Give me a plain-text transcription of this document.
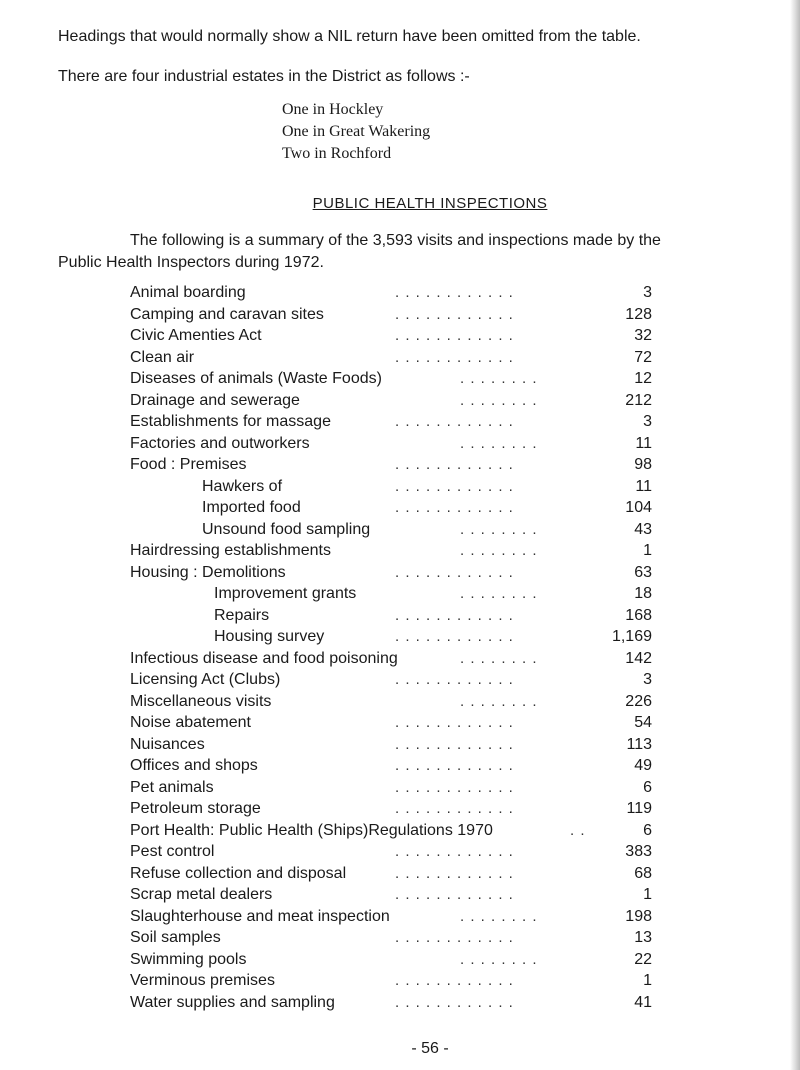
Headings that would normally show a NIL return have been omitted from the table.
There are four industrial estates in the District as follows :-
One in Hockley
One in Great Wakering
Two in Rochford
PUBLIC HEALTH INSPECTIONS
The following is a summary of the 3,593 visits and inspections made by the
Public Health Inspectors during 1972.
Animal boarding	. . . . . . . . . . . .	3
Camping and caravan sites	. . . . . . . . . . . .	128
Civic Amenties Act	. . . . . . . . . . . .	32
Clean air	. . . . . . . . . . . .	72
Diseases of animals (Waste Foods)	. . . . . . . .	12
Drainage and sewerage	. . . . . . . .	212
Establishments for massage	. . . . . . . . . . . .	3
Factories and outworkers	. . . . . . . .	11
Food : Premises	. . . . . . . . . . . .	98
Hawkers of	. . . . . . . . . . . .	11
Imported food	. . . . . . . . . . . .	104
Unsound food sampling	. . . . . . . .	43
Hairdressing establishments	. . . . . . . .	1
Housing : Demolitions	. . . . . . . . . . . .	63
Improvement grants	. . . . . . . .	18
Repairs	. . . . . . . . . . . .	168
Housing survey	. . . . . . . . . . . .	1,169
Infectious disease and food poisoning	. . . . . . . .	142
Licensing Act (Clubs)	. . . . . . . . . . . .	3
Miscellaneous visits	. . . . . . . .	226
Noise abatement	. . . . . . . . . . . .	54
Nuisances	. . . . . . . . . . . .	113
Offices and shops	. . . . . . . . . . . .	49
Pet animals	. . . . . . . . . . . .	6
Petroleum storage	. . . . . . . . . . . .	119
Port Health: Public Health (Ships)Regulations 1970	. .	6
Pest control	. . . . . . . . . . . .	383
Refuse collection and disposal	. . . . . . . . . . . .	68
Scrap metal dealers	. . . . . . . . . . . .	1
Slaughterhouse and meat inspection	. . . . . . . .	198
Soil samples	. . . . . . . . . . . .	13
Swimming pools	. . . . . . . .	22
Verminous premises	. . . . . . . . . . . .	1
Water supplies and sampling	. . . . . . . . . . . .	41
- 56 -
